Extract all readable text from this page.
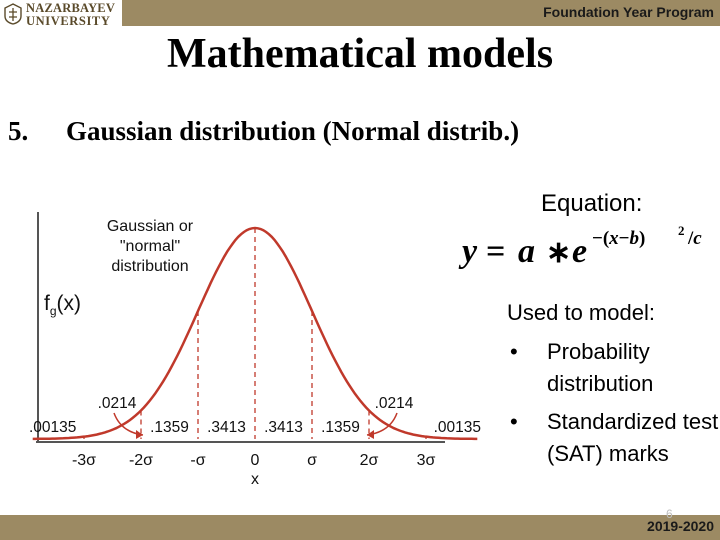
NAZARBAYEV
UNIVERSITY
Foundation Year Program
Mathematical models
5. Gaussian distribution (Normal distrib.)
-3σ -2σ -σ	0	σ	2σ 3σ
x
$f_g(x)$
Gaussian or
"normal"
distribution
.00135	.1359 .3413 .3413 .1359	.00135
.0214	.0214
Equation:
y = a ∗ e −(x−b)	2 /c
Used to model:
• Probability distribution
• Standardized test (SAT) marks
6
2019-2020
